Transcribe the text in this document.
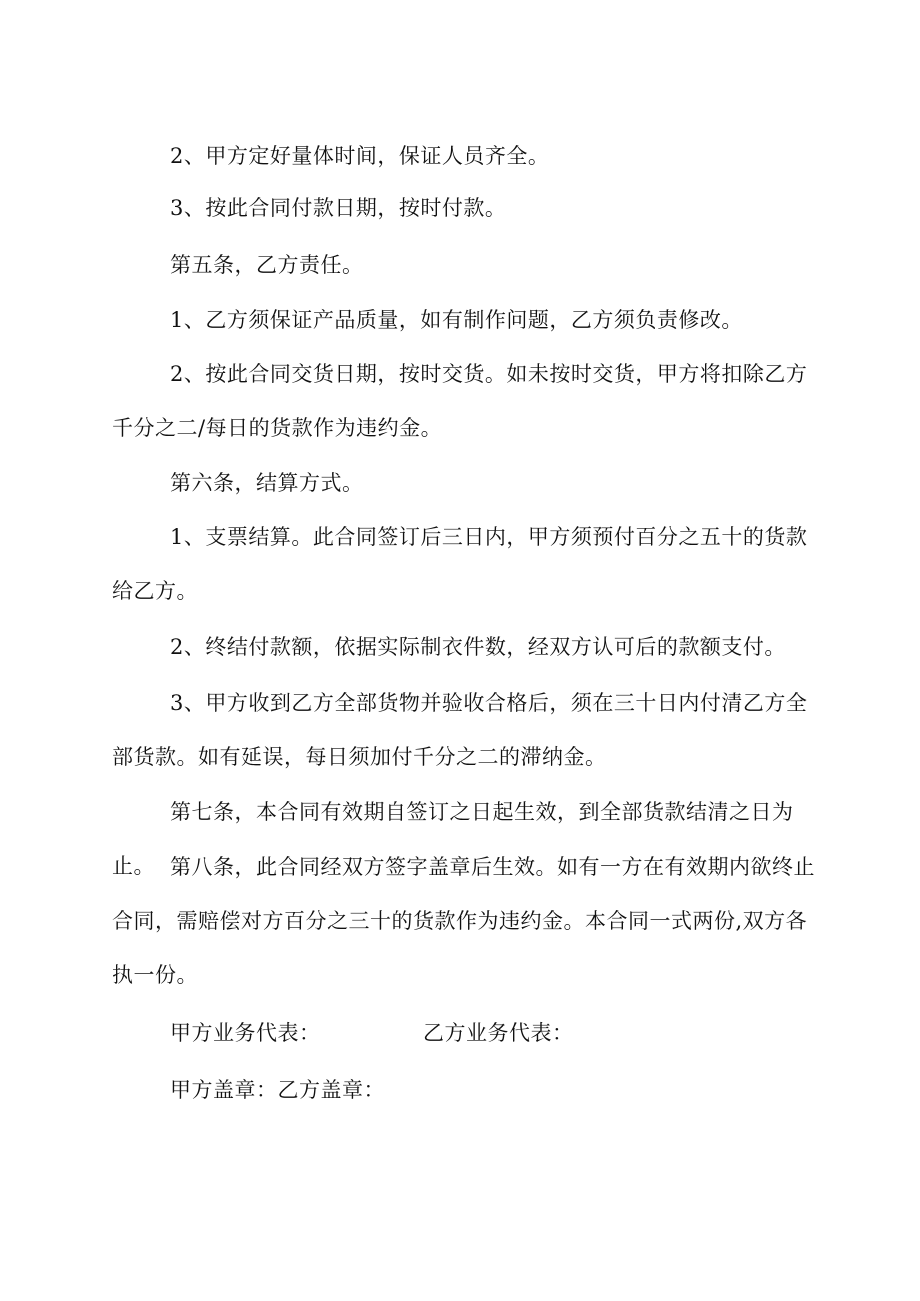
2、甲方定好量体时间，保证人员齐全。

3、按此合同付款日期，按时付款。

第五条，乙方责任。

1、乙方须保证产品质量，如有制作问题，乙方须负责修改。

2、按此合同交货日期，按时交货。如未按时交货，甲方将扣除乙方千分之二/每日的货款作为违约金。

第六条，结算方式。

1、支票结算。此合同签订后三日内，甲方须预付百分之五十的货款给乙方。

2、终结付款额，依据实际制衣件数，经双方认可后的款额支付。

3、甲方收到乙方全部货物并验收合格后，须在三十日内付清乙方全部货款。如有延误，每日须加付千分之二的滞纳金。

第七条，本合同有效期自签订之日起生效，到全部货款结清之日为止。 第八条，此合同经双方签字盖章后生效。如有一方在有效期内欲终止合同，需赔偿对方百分之三十的货款作为违约金。本合同一式两份,双方各执一份。

甲方业务代表：	乙方业务代表：
甲方盖章：乙方盖章：
